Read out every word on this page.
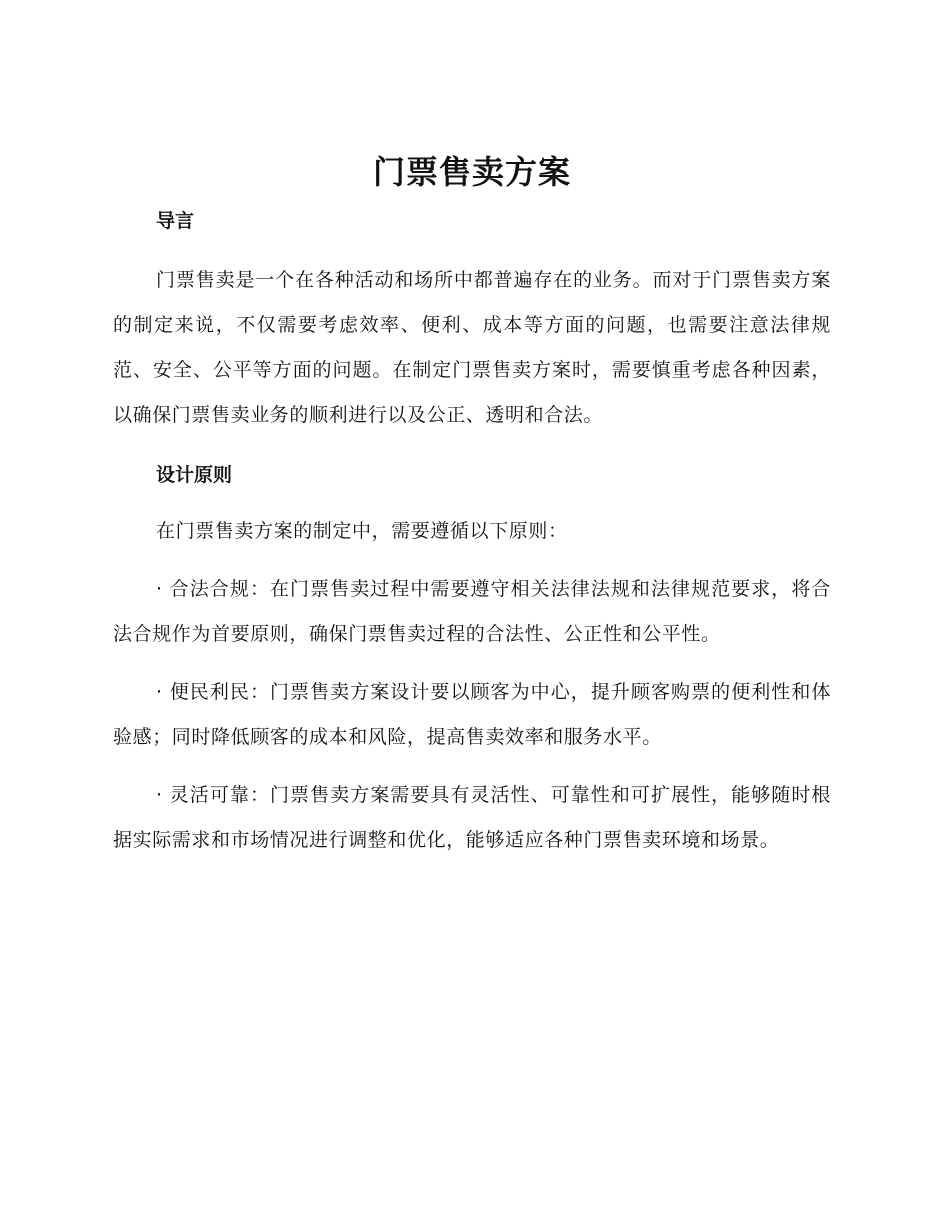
门票售卖方案

导言

门票售卖是一个在各种活动和场所中都普遍存在的业务。而对于门票售卖方案的制定来说，不仅需要考虑效率、便利、成本等方面的问题，也需要注意法律规范、安全、公平等方面的问题。在制定门票售卖方案时，需要慎重考虑各种因素，以确保门票售卖业务的顺利进行以及公正、透明和合法。

设计原则

在门票售卖方案的制定中，需要遵循以下原则：

· 合法合规：在门票售卖过程中需要遵守相关法律法规和法律规范要求，将合法合规作为首要原则，确保门票售卖过程的合法性、公正性和公平性。

· 便民利民：门票售卖方案设计要以顾客为中心，提升顾客购票的便利性和体验感；同时降低顾客的成本和风险，提高售卖效率和服务水平。

· 灵活可靠：门票售卖方案需要具有灵活性、可靠性和可扩展性，能够随时根据实际需求和市场情况进行调整和优化，能够适应各种门票售卖环境和场景。
